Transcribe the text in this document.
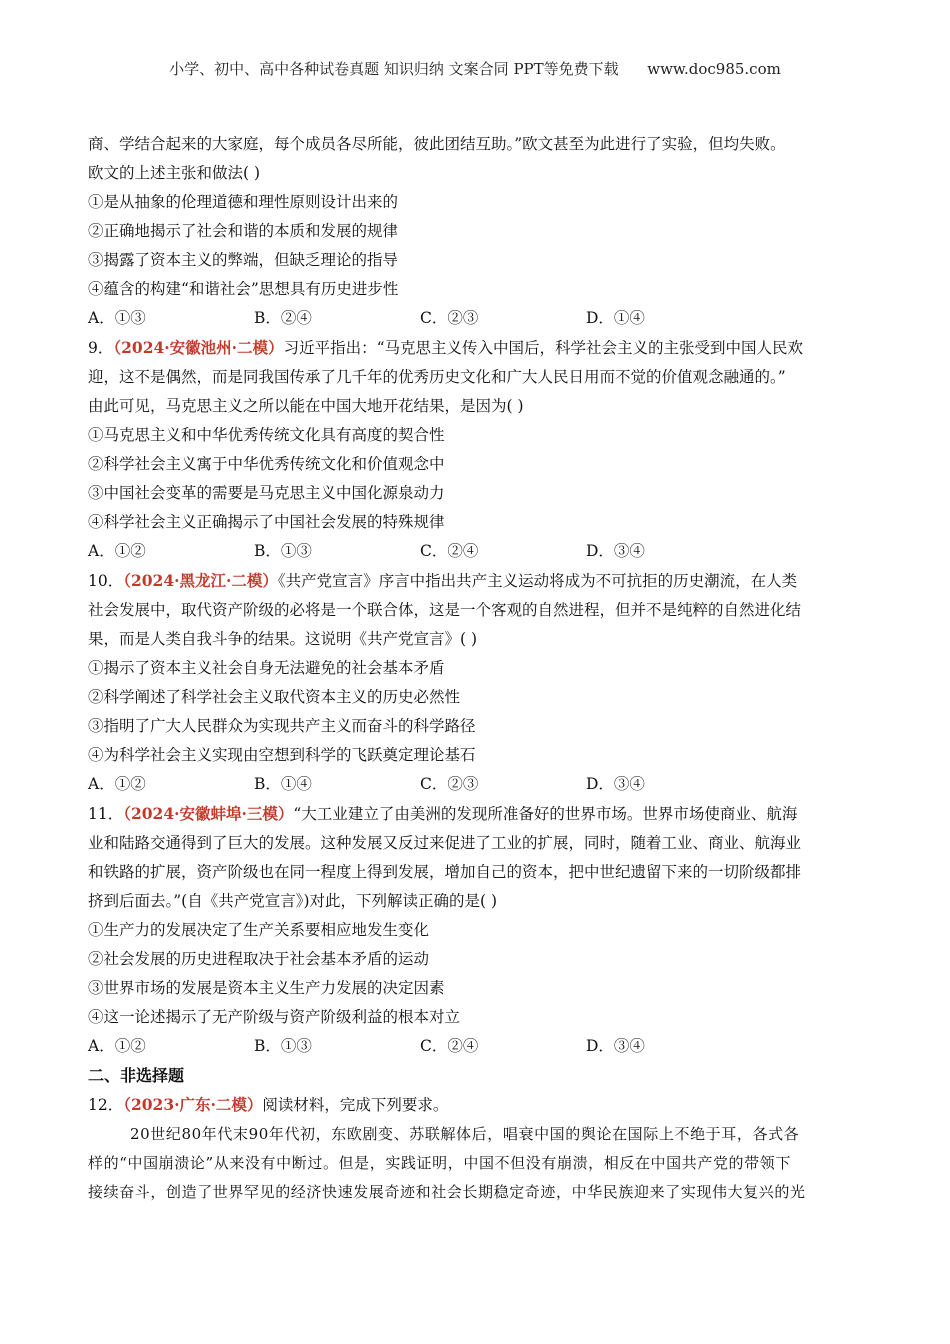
小学、初中、高中各种试卷真题 知识归纳 文案合同 PPT等免费下载      www.doc985.com
商、学结合起来的大家庭，每个成员各尽所能，彼此团结互助。”欧文甚至为此进行了实验，但均失败。
欧文的上述主张和做法( )
①是从抽象的伦理道德和理性原则设计出来的
②正确地揭示了社会和谐的本质和发展的规律
③揭露了资本主义的弊端，但缺乏理论的指导
④蕴含的构建“和谐社会”思想具有历史进步性
A．①③	B．②④	C．②③	D．①④
9．（2024·安徽池州·二模）习近平指出：“马克思主义传入中国后，科学社会主义的主张受到中国人民欢
迎，这不是偶然，而是同我国传承了几千年的优秀历史文化和广大人民日用而不觉的价值观念融通的。”
由此可见，马克思主义之所以能在中国大地开花结果，是因为( )
①马克思主义和中华优秀传统文化具有高度的契合性
②科学社会主义寓于中华优秀传统文化和价值观念中
③中国社会变革的需要是马克思主义中国化源泉动力
④科学社会主义正确揭示了中国社会发展的特殊规律
A．①②	B．①③	C．②④	D．③④
10．（2024·黑龙江·二模）《共产党宣言》序言中指出共产主义运动将成为不可抗拒的历史潮流，在人类
社会发展中，取代资产阶级的必将是一个联合体，这是一个客观的自然进程，但并不是纯粹的自然进化结
果，而是人类自我斗争的结果。这说明《共产党宣言》( )
①揭示了资本主义社会自身无法避免的社会基本矛盾
②科学阐述了科学社会主义取代资本主义的历史必然性
③指明了广大人民群众为实现共产主义而奋斗的科学路径
④为科学社会主义实现由空想到科学的飞跃奠定理论基石
A．①②	B．①④	C．②③	D．③④
11．（2024·安徽蚌埠·三模）“大工业建立了由美洲的发现所准备好的世界市场。世界市场使商业、航海
业和陆路交通得到了巨大的发展。这种发展又反过来促进了工业的扩展，同时，随着工业、商业、航海业
和铁路的扩展，资产阶级也在同一程度上得到发展，增加自己的资本，把中世纪遗留下来的一切阶级都排
挤到后面去。”(自《共产党宣言》)对此，下列解读正确的是( )
①生产力的发展决定了生产关系要相应地发生变化
②社会发展的历史进程取决于社会基本矛盾的运动
③世界市场的发展是资本主义生产力发展的决定因素
④这一论述揭示了无产阶级与资产阶级利益的根本对立
A．①②	B．①③	C．②④	D．③④
二、非选择题
12．（2023·广东·二模）阅读材料，完成下列要求。
20世纪80年代末90年代初，东欧剧变、苏联解体后，唱衰中国的舆论在国际上不绝于耳，各式各
样的“中国崩溃论”从来没有中断过。但是，实践证明，中国不但没有崩溃，相反在中国共产党的带领下
接续奋斗，创造了世界罕见的经济快速发展奇迹和社会长期稳定奇迹，中华民族迎来了实现伟大复兴的光
